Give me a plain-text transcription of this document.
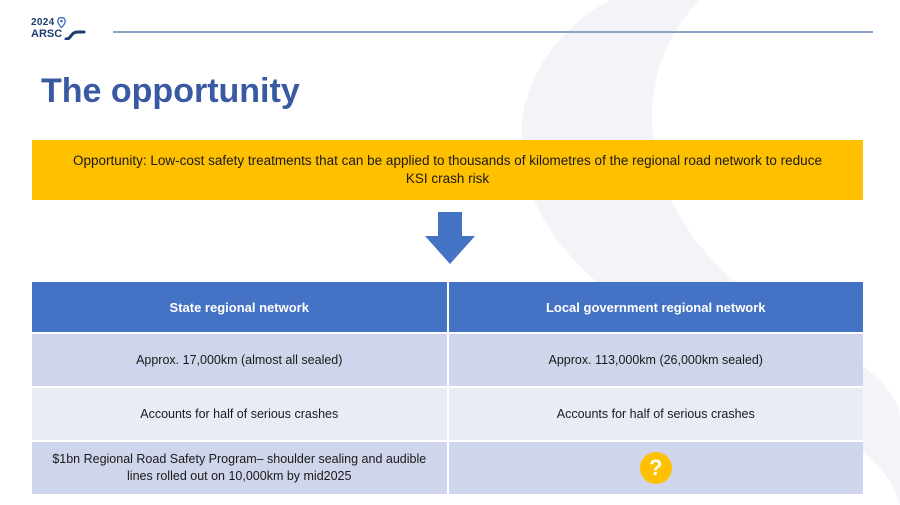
2024
ARSC
The opportunity
Opportunity: Low-cost safety treatments that can be applied to thousands of kilometres of the regional road network to reduce KSI crash risk
State regional network	Local government regional network
Approx. 17,000km (almost all sealed)	Approx. 113,000km (26,000km sealed)
Accounts for half of serious crashes	Accounts for half of serious crashes
$1bn Regional Road Safety Program– shoulder sealing and audible lines rolled out on 10,000km by mid2025	?
